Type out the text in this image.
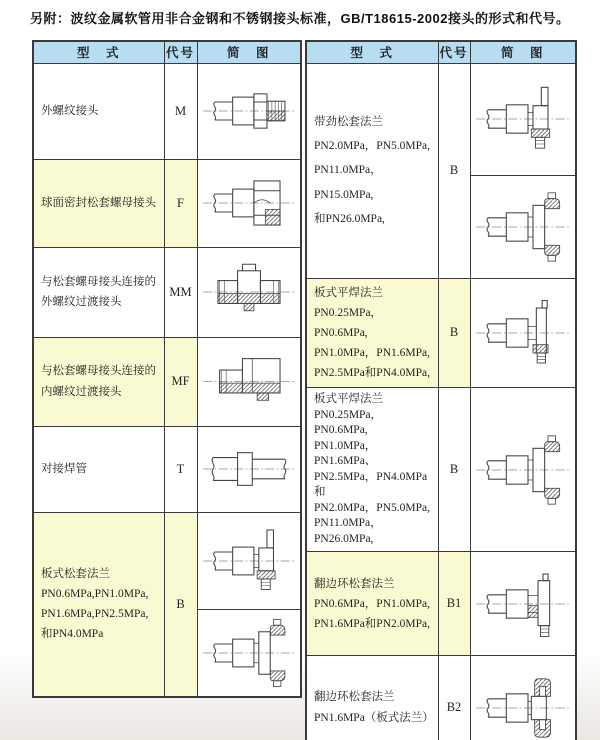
另附：波纹金属软管用非合金钢和不锈钢接头标准，GB/T18615-2002接头的形式和代号。
型　式	代号	简　图

外螺纹接头	M	

球面密封松套螺母接头	F	

与松套螺母接头连接的外螺纹过渡接头	MM	

与松套螺母接头连接的内螺纹过渡接头	MF	

对接焊管	T	

板式松套法兰
PN0.6MPa,PN1.0MPa,
PN1.6MPa,PN2.5MPa,
和PN4.0MPa	B	
型　式	代号	简　图

带劲松套法兰
PN2.0MPa，PN5.0MPa,
PN11.0MPa，PN15.0MPa,
和PN26.0MPa,	B	

板式平焊法兰
PN0.25MPa，PN0.6MPa,
PN1.0MPa，PN1.6MPa,
PN2.5MPa和PN4.0MPa,	B	

板式平焊法兰
PN0.25MPa，PN0.6MPa,
PN1.0MPa，PN1.6MPa、
PN2.5MPa，PN4.0MPa和
PN2.0MPa，PN5.0MPa,
PN11.0MPa，PN26.0MPa,
	B	

翻边环松套法兰
PN0.6MPa，PN1.0MPa,
PN1.6MPa和PN2.0MPa,	B1	

翻边环松套法兰
PN1.6MPa（板式法兰）	B2	
